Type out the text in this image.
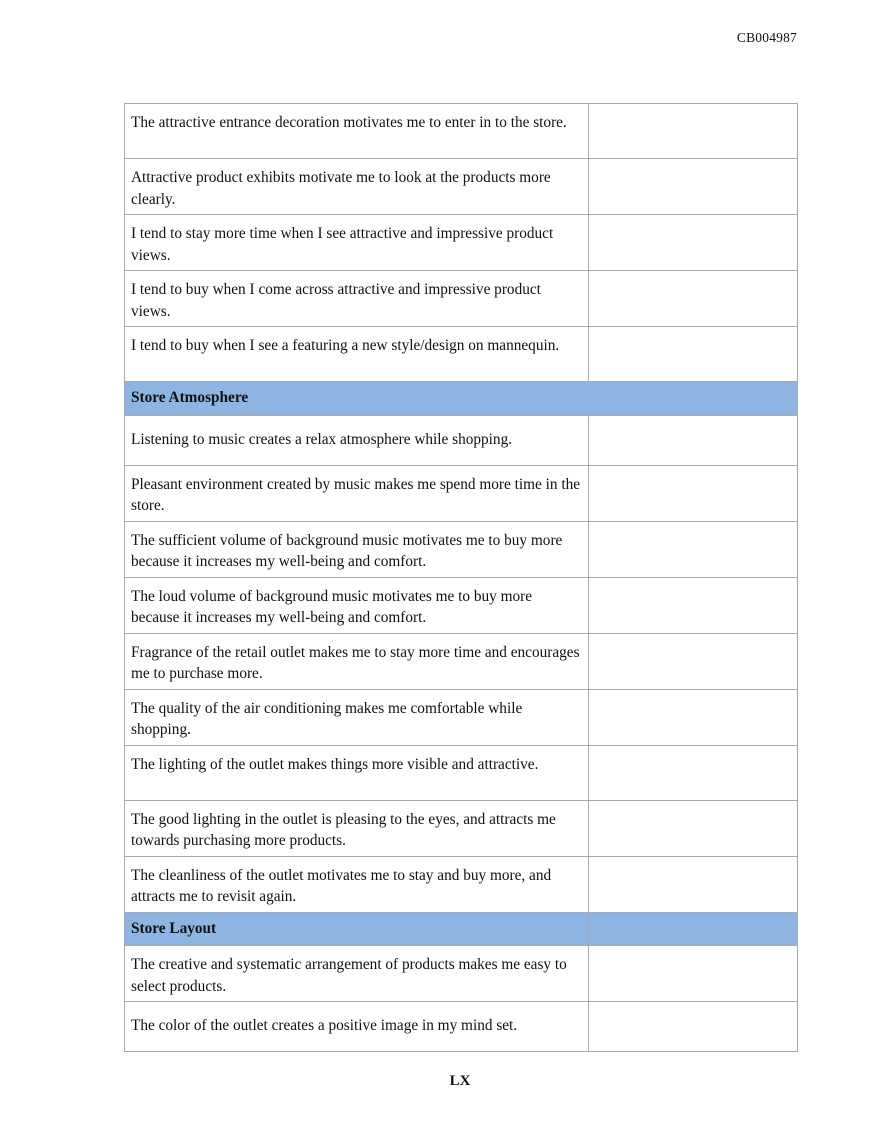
CB004987
The attractive entrance decoration motivates me to enter in to the store.	
Attractive product exhibits motivate me to look at the products more clearly.	
I tend to stay more time when I see attractive and impressive product views.	
I tend to buy when I come across attractive and impressive product views.	
I tend to buy when I see a featuring a new style/design on mannequin.	
Store Atmosphere	
Listening to music creates a relax atmosphere while shopping.	
Pleasant environment created by music makes me spend more time in the store.	
The sufficient volume of background music motivates me to buy more because it increases my well-being and comfort.	
The loud volume of background music motivates me to buy more because it increases my well-being and comfort.	
Fragrance of the retail outlet makes me to stay more time and encourages me to purchase more.	
The quality of the air conditioning makes me comfortable while shopping.	
The lighting of the outlet makes things more visible and attractive.	
The good lighting in the outlet is pleasing to the eyes, and attracts me towards purchasing more products.	
The cleanliness of the outlet motivates me to stay and buy more, and attracts me to revisit again.	
Store Layout	
The creative and systematic arrangement of products makes me easy to select products.	
The color of the outlet creates a positive image in my mind set.	
LX
